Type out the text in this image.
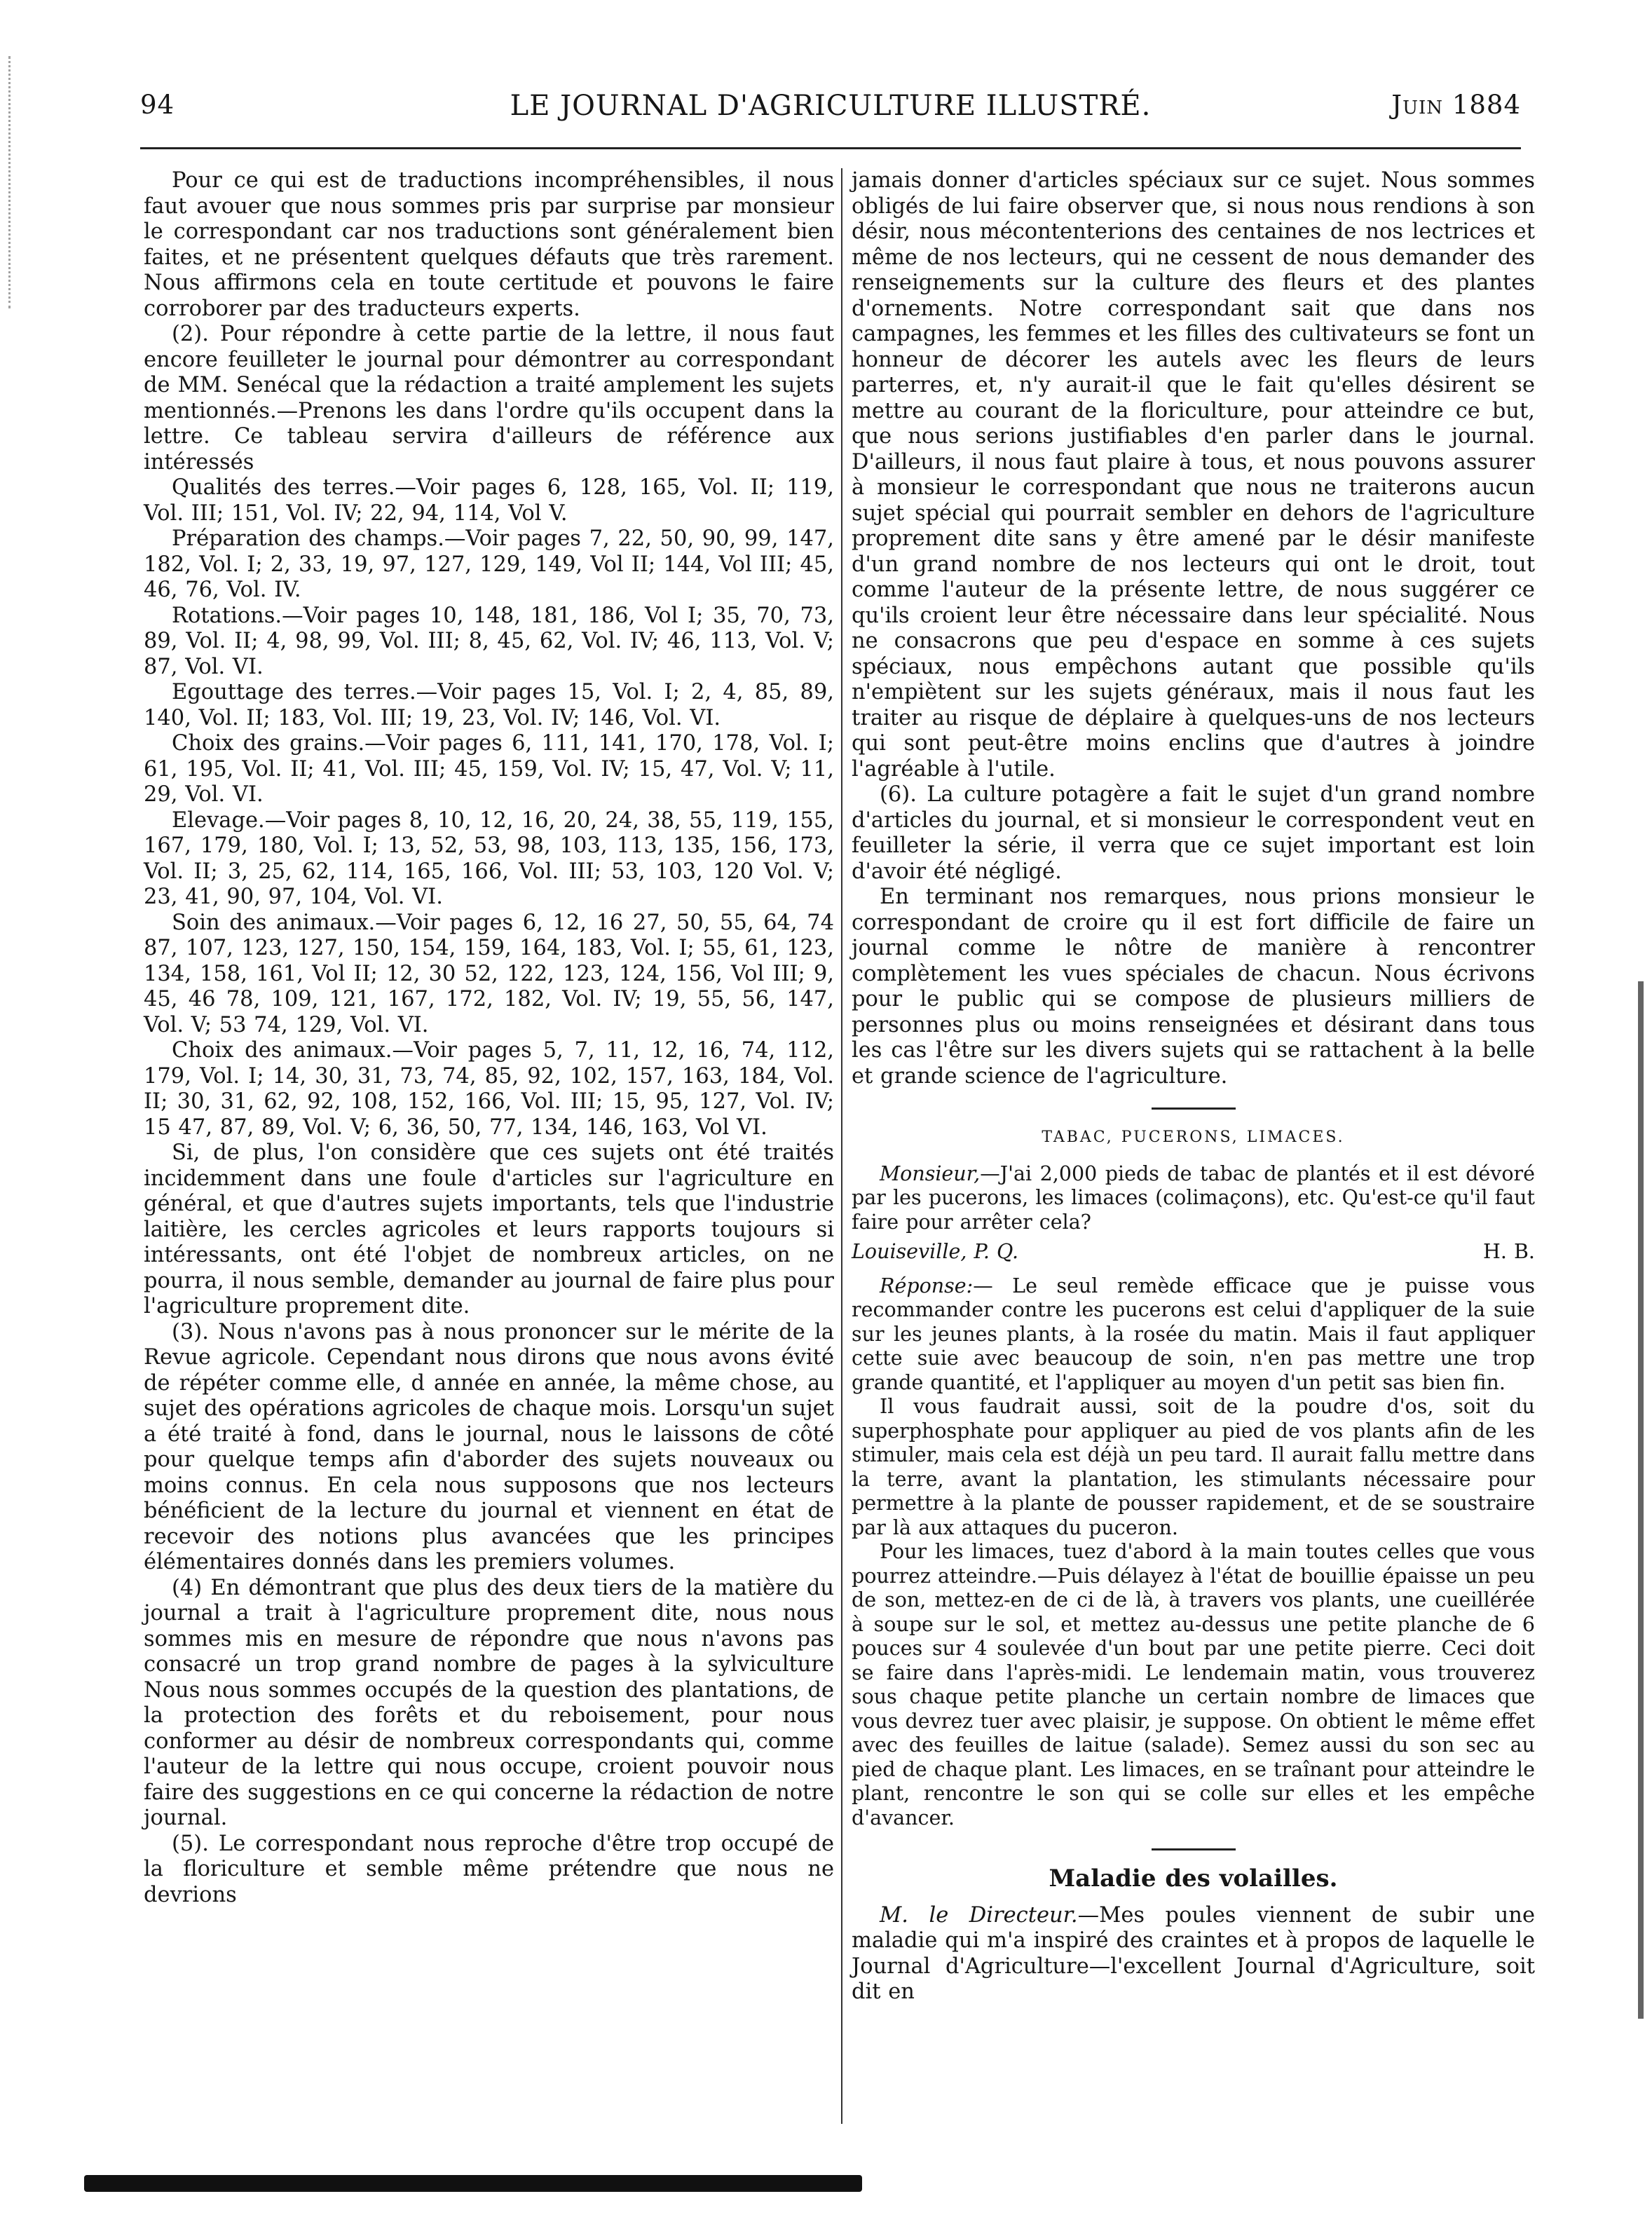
94	LE JOURNAL D'AGRICULTURE ILLUSTRÉ.	Juin 1884

Pour ce qui est de traductions incompréhensibles, il nous faut avouer que nous sommes pris par surprise par monsieur le correspondant car nos traductions sont généralement bien faites, et ne présentent quelques défauts que très rarement. Nous affirmons cela en toute certitude et pouvons le faire corroborer par des traducteurs experts.

(2). Pour répondre à cette partie de la lettre, il nous faut encore feuilleter le journal pour démontrer au correspondant de MM. Senécal que la rédaction a traité amplement les sujets mentionnés.—Prenons les dans l'ordre qu'ils occupent dans la lettre. Ce tableau servira d'ailleurs de référence aux intéressés

Qualités des terres.—Voir pages 6, 128, 165, Vol. II; 119, Vol. III; 151, Vol. IV; 22, 94, 114, Vol V.

Préparation des champs.—Voir pages 7, 22, 50, 90, 99, 147, 182, Vol. I; 2, 33, 19, 97, 127, 129, 149, Vol II; 144, Vol III; 45, 46, 76, Vol. IV.

Rotations.—Voir pages 10, 148, 181, 186, Vol I; 35, 70, 73, 89, Vol. II; 4, 98, 99, Vol. III; 8, 45, 62, Vol. IV; 46, 113, Vol. V; 87, Vol. VI.

Egouttage des terres.—Voir pages 15, Vol. I; 2, 4, 85, 89, 140, Vol. II; 183, Vol. III; 19, 23, Vol. IV; 146, Vol. VI.

Choix des grains.—Voir pages 6, 111, 141, 170, 178, Vol. I; 61, 195, Vol. II; 41, Vol. III; 45, 159, Vol. IV; 15, 47, Vol. V; 11, 29, Vol. VI.

Elevage.—Voir pages 8, 10, 12, 16, 20, 24, 38, 55, 119, 155, 167, 179, 180, Vol. I; 13, 52, 53, 98, 103, 113, 135, 156, 173, Vol. II; 3, 25, 62, 114, 165, 166, Vol. III; 53, 103, 120 Vol. V; 23, 41, 90, 97, 104, Vol. VI.

Soin des animaux.—Voir pages 6, 12, 16 27, 50, 55, 64, 74 87, 107, 123, 127, 150, 154, 159, 164, 183, Vol. I; 55, 61, 123, 134, 158, 161, Vol II; 12, 30 52, 122, 123, 124, 156, Vol III; 9, 45, 46 78, 109, 121, 167, 172, 182, Vol. IV; 19, 55, 56, 147, Vol. V; 53 74, 129, Vol. VI.

Choix des animaux.—Voir pages 5, 7, 11, 12, 16, 74, 112, 179, Vol. I; 14, 30, 31, 73, 74, 85, 92, 102, 157, 163, 184, Vol. II; 30, 31, 62, 92, 108, 152, 166, Vol. III; 15, 95, 127, Vol. IV; 15 47, 87, 89, Vol. V; 6, 36, 50, 77, 134, 146, 163, Vol VI.

Si, de plus, l'on considère que ces sujets ont été traités incidemment dans une foule d'articles sur l'agriculture en général, et que d'autres sujets importants, tels que l'industrie laitière, les cercles agricoles et leurs rapports toujours si intéressants, ont été l'objet de nombreux articles, on ne pourra, il nous semble, demander au journal de faire plus pour l'agriculture proprement dite.

(3). Nous n'avons pas à nous prononcer sur le mérite de la Revue agricole. Cependant nous dirons que nous avons évité de répéter comme elle, d année en année, la même chose, au sujet des opérations agricoles de chaque mois. Lorsqu'un sujet a été traité à fond, dans le journal, nous le laissons de côté pour quelque temps afin d'aborder des sujets nouveaux ou moins connus. En cela nous supposons que nos lecteurs bénéficient de la lecture du journal et viennent en état de recevoir des notions plus avancées que les principes élémentaires donnés dans les premiers volumes.

(4) En démontrant que plus des deux tiers de la matière du journal a trait à l'agriculture proprement dite, nous nous sommes mis en mesure de répondre que nous n'avons pas consacré un trop grand nombre de pages à la sylviculture Nous nous sommes occupés de la question des plantations, de la protection des forêts et du reboisement, pour nous conformer au désir de nombreux correspondants qui, comme l'auteur de la lettre qui nous occupe, croient pouvoir nous faire des suggestions en ce qui concerne la rédaction de notre journal.

(5). Le correspondant nous reproche d'être trop occupé de la floriculture et semble même prétendre que nous ne devrions

jamais donner d'articles spéciaux sur ce sujet. Nous sommes obligés de lui faire observer que, si nous nous rendions à son désir, nous mécontenterions des centaines de nos lectrices et même de nos lecteurs, qui ne cessent de nous demander des renseignements sur la culture des fleurs et des plantes d'ornements. Notre correspondant sait que dans nos campagnes, les femmes et les filles des cultivateurs se font un honneur de décorer les autels avec les fleurs de leurs parterres, et, n'y aurait-il que le fait qu'elles désirent se mettre au courant de la floriculture, pour atteindre ce but, que nous serions justifiables d'en parler dans le journal. D'ailleurs, il nous faut plaire à tous, et nous pouvons assurer à monsieur le correspondant que nous ne traiterons aucun sujet spécial qui pourrait sembler en dehors de l'agriculture proprement dite sans y être amené par le désir manifeste d'un grand nombre de nos lecteurs qui ont le droit, tout comme l'auteur de la présente lettre, de nous suggérer ce qu'ils croient leur être nécessaire dans leur spécialité. Nous ne consacrons que peu d'espace en somme à ces sujets spéciaux, nous empêchons autant que possible qu'ils n'empiètent sur les sujets généraux, mais il nous faut les traiter au risque de déplaire à quelques-uns de nos lecteurs qui sont peut-être moins enclins que d'autres à joindre l'agréable à l'utile.

(6). La culture potagère a fait le sujet d'un grand nombre d'articles du journal, et si monsieur le correspondent veut en feuilleter la série, il verra que ce sujet important est loin d'avoir été négligé.

En terminant nos remarques, nous prions monsieur le correspondant de croire qu il est fort difficile de faire un journal comme le nôtre de manière à rencontrer complètement les vues spéciales de chacun. Nous écrivons pour le public qui se compose de plusieurs milliers de personnes plus ou moins renseignées et désirant dans tous les cas l'être sur les divers sujets qui se rattachent à la belle et grande science de l'agriculture.

TABAC, PUCERONS, LIMACES.

Monsieur,—J'ai 2,000 pieds de tabac de plantés et il est dévoré par les pucerons, les limaces (colimaçons), etc. Qu'est-ce qu'il faut faire pour arrêter cela?

Louiseville, P. Q.	H. B.

Réponse:— Le seul remède efficace que je puisse vous recommander contre les pucerons est celui d'appliquer de la suie sur les jeunes plants, à la rosée du matin. Mais il faut appliquer cette suie avec beaucoup de soin, n'en pas mettre une trop grande quantité, et l'appliquer au moyen d'un petit sas bien fin.

Il vous faudrait aussi, soit de la poudre d'os, soit du superphosphate pour appliquer au pied de vos plants afin de les stimuler, mais cela est déjà un peu tard. Il aurait fallu mettre dans la terre, avant la plantation, les stimulants nécessaire pour permettre à la plante de pousser rapidement, et de se soustraire par là aux attaques du puceron.

Pour les limaces, tuez d'abord à la main toutes celles que vous pourrez atteindre.—Puis délayez à l'état de bouillie épaisse un peu de son, mettez-en de ci de là, à travers vos plants, une cueillérée à soupe sur le sol, et mettez au-dessus une petite planche de 6 pouces sur 4 soulevée d'un bout par une petite pierre. Ceci doit se faire dans l'après-midi. Le lendemain matin, vous trouverez sous chaque petite planche un certain nombre de limaces que vous devrez tuer avec plaisir, je suppose. On obtient le même effet avec des feuilles de laitue (salade). Semez aussi du son sec au pied de chaque plant. Les limaces, en se traînant pour atteindre le plant, rencontre le son qui se colle sur elles et les empêche d'avancer.

Maladie des volailles.

M. le Directeur.—Mes poules viennent de subir une maladie qui m'a inspiré des craintes et à propos de laquelle le Journal d'Agriculture—l'excellent Journal d'Agriculture, soit dit en
